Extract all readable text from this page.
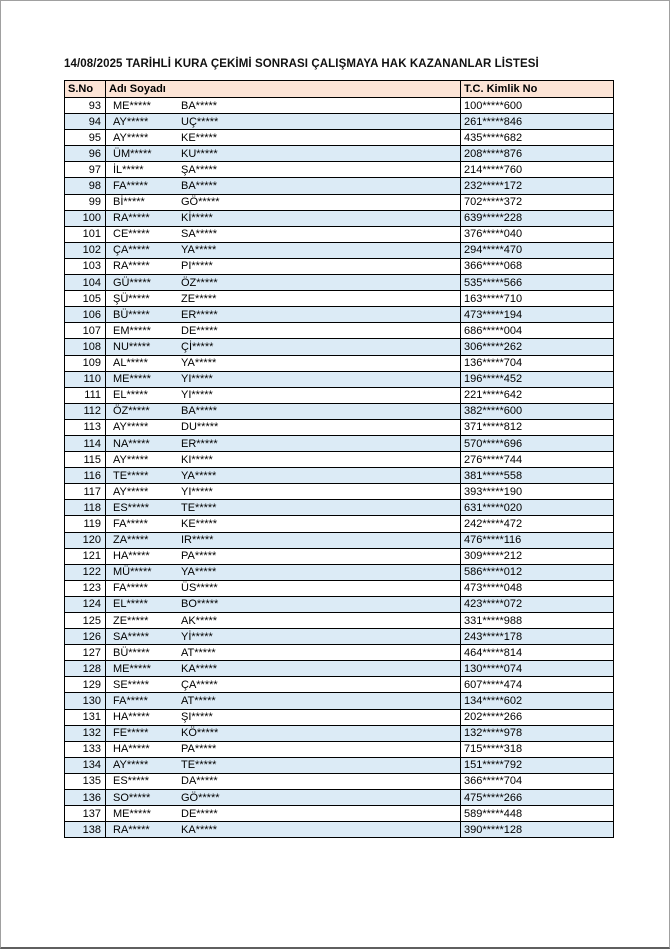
14/08/2025 TARİHLİ KURA ÇEKİMİ SONRASI ÇALIŞMAYA HAK KAZANANLAR LİSTESİ
S.No	Adı Soyadı	T.C. Kimlik No
93	ME***** BA*****	100*****600
94	AY***** UÇ*****	261*****846
95	AY***** KE*****	435*****682
96	ÜM***** KU*****	208*****876
97	İL***** ŞA*****	214*****760
98	FA***** BA*****	232*****172
99	Bİ***** GÖ*****	702*****372
100	RA***** Kİ*****	639*****228
101	CE***** SA*****	376*****040
102	ÇA***** YA*****	294*****470
103	RA***** PI*****	366*****068
104	GÜ***** ÖZ*****	535*****566
105	ŞÜ***** ZE*****	163*****710
106	BÜ***** ER*****	473*****194
107	EM***** DE*****	686*****004
108	NU***** Çİ*****	306*****262
109	AL***** YA*****	136*****704
110	ME***** YI*****	196*****452
111	EL***** YI*****	221*****642
112	ÖZ***** BA*****	382*****600
113	AY***** DU*****	371*****812
114	NA***** ER*****	570*****696
115	AY***** KI*****	276*****744
116	TE***** YA*****	381*****558
117	AY***** YI*****	393*****190
118	ES***** TE*****	631*****020
119	FA***** KE*****	242*****472
120	ZA***** IR*****	476*****116
121	HA***** PA*****	309*****212
122	MÜ***** YA*****	586*****012
123	FA***** ÜS*****	473*****048
124	EL***** BO*****	423*****072
125	ZE***** AK*****	331*****988
126	SA***** Yİ*****	243*****178
127	BÜ***** AT*****	464*****814
128	ME***** KA*****	130*****074
129	SE***** ÇA*****	607*****474
130	FA***** AT*****	134*****602
131	HA***** ŞI*****	202*****266
132	FE***** KÖ*****	132*****978
133	HA***** PA*****	715*****318
134	AY***** TE*****	151*****792
135	ES***** DA*****	366*****704
136	SO***** GÖ*****	475*****266
137	ME***** DE*****	589*****448
138	RA***** KA*****	390*****128
